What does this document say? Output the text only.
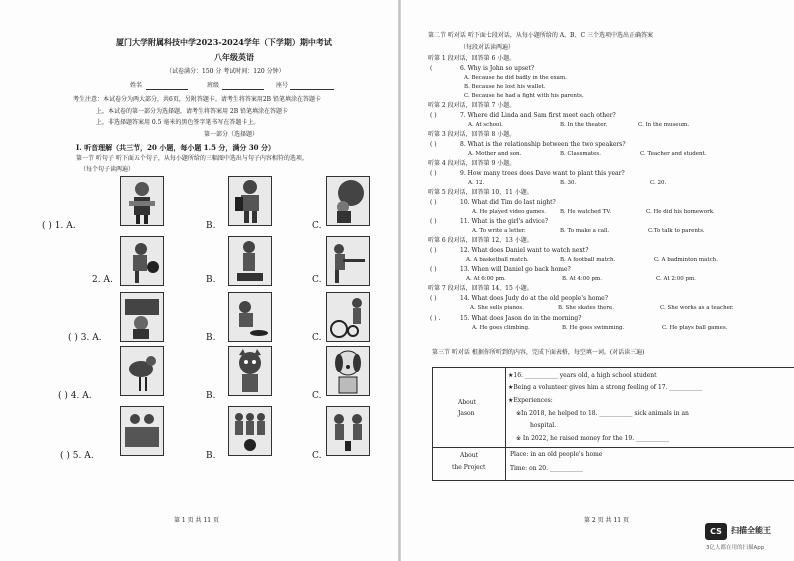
厦门大学附属科技中学2023-2024学年（下学期）期中考试
八年级英语
（试卷满分：150 分 考试时间：120 分钟）
姓名	班级	座号
考生注意：本试卷分为两大部分，共6页，另附答题卡。请考生将答案用2B 铅笔填涂在答题卡
上，本试卷的第一部分为选择题，请考生将答案用 2B 铅笔填涂在答题卡
上，非选择题答案用 0.5 毫米的黑色签字笔书写在答题卡上。
第一部分（选择题）
I. 听音理解（共三节，20 小题，每小题 1.5 分，满分 30 分）
第一节 听句子 听下面五个句子，从每小题所给的三幅图中选出与句子内容相符的选项。
（每个句子读两遍）
( ) 1. A.	B.	C.
2. A.	B.	C.
( ) 3. A.	B.	C.
( ) 4. A.	B.	C.
( ) 5. A.	B.	C.
第 1 页 共 11 页
第二节 听对话 听下面七段对话，从每小题所给的 A、B、C 三个选项中选出正确答案
（每段对话读两遍）
听第 1 段对话，回答第 6 小题。
(	6. Why is John so upset?
A. Because he did badly in the exam.
B. Because he lost his wallet.
C. Because he had a fight with his parents.
听第 2 段对话，回答第 7 小题。
( )	7. Where did Linda and Sam first meet each other?
A. At school.	B. In the theater.	C. In the museum.
听第 3 段对话，回答第 8 小题。
( )	8. What is the relationship between the two speakers?
A. Mother and son.	B. Classmates.	C. Teacher and student.
听第 4 段对话，回答第 9 小题。
( )	9. How many trees does Dave want to plant this year?
A. 12.	B. 30.	C. 20.
听第 5 段对话，回答第 10、11 小题。
( )	10. What did Tim do last night?
A. He played video games.	B. He watched TV.	C. He did his homework.
( )	11. What is the girl's advice?
A. To write a letter.	B. To make a call.	C.To talk to parents.
听第 6 段对话，回答第 12、13 小题。
( )	12. What does Daniel want to watch next?
A. A basketball match.	B. A football match.	C. A badminton match.
( )	13. When will Daniel go back home?
A. At 6:00 pm.	B. At 4:00 pm.	C. At 2:00 pm.
听第 7 段对话，回答第 14、15 小题。
( )	14. What does Judy do at the old people's home?
A. She sells pianos.	B. She skates there.	C. She works as a teacher.
( ) .	15. What does Jason do in the morning?
A. He goes climbing.	B. He goes swimming.	C. He plays ball games.
第三节 听对话 根据你所听到的内容，完成下面表格，每空填一词。(对话读三遍)
About
Jason
★16. ___________ years old, a high school student
★Being a volunteer gives him a strong feeling of 17. ___________
★Experiences:
※In 2018, he helped to 18. ___________ sick animals in an
hospital.
※ In 2022, he raised money for the 19. ___________
About
the Project
Place: in an old people's home
Time: on 20. ___________
第 2 页 共 11 页
CS	扫描全能王
3亿人都在用的扫描App
